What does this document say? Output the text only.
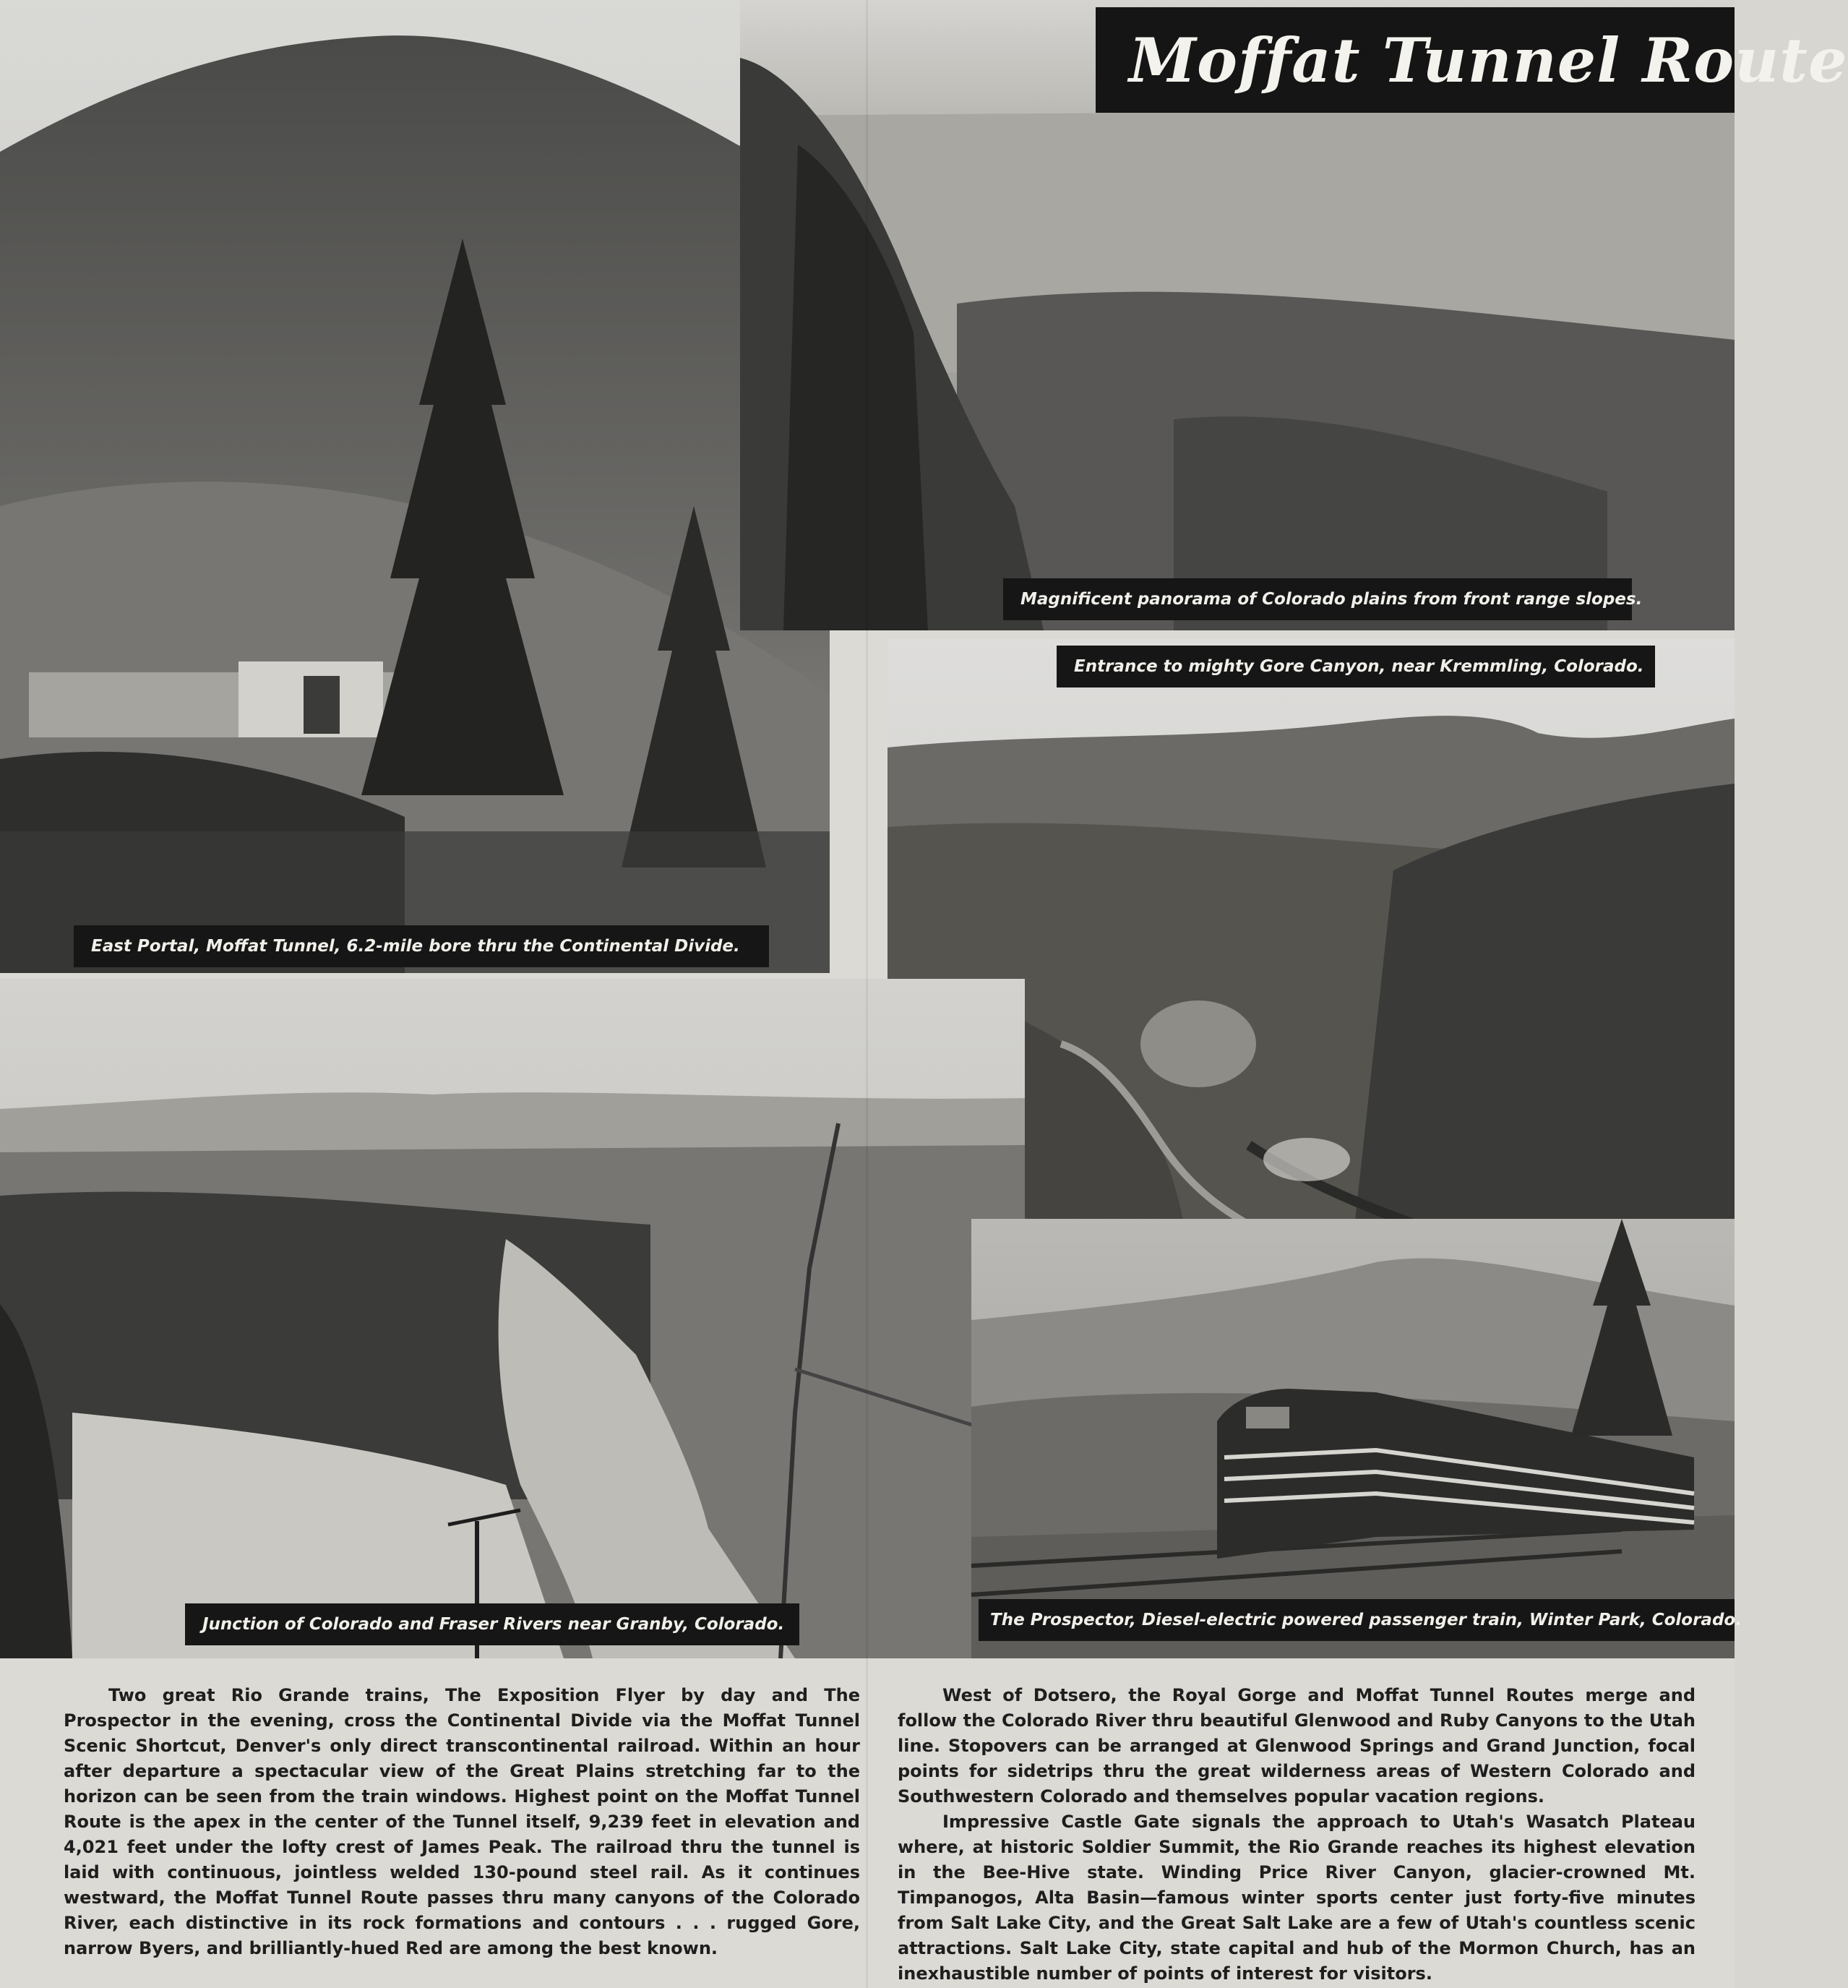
Moffat Tunnel Route
Magnificent panorama of Colorado plains from front range slopes.
Entrance to mighty Gore Canyon, near Kremmling, Colorado.
East Portal, Moffat Tunnel, 6.2-mile bore thru the Continental Divide.
Junction of Colorado and Fraser Rivers near Granby, Colorado.	The Prospector, Diesel-electric powered passenger train, Winter Park, Colorado.

Two great Rio Grande trains, The Exposition Flyer by day and The Prospector in the evening, cross the Continental Divide via the Moffat Tunnel Scenic Shortcut, Denver's only direct transcontinental railroad. Within an hour after departure a spectacular view of the Great Plains stretching far to the horizon can be seen from the train windows. Highest point on the Moffat Tunnel Route is the apex in the center of the Tunnel itself, 9,239 feet in elevation and 4,021 feet under the lofty crest of James Peak. The railroad thru the tunnel is laid with continuous, jointless welded 130-pound steel rail. As it continues westward, the Moffat Tunnel Route passes thru many canyons of the Colorado River, each distinctive in its rock formations and contours . . . rugged Gore, narrow Byers, and brilliantly-hued Red are among the best known.

West of Dotsero, the Royal Gorge and Moffat Tunnel Routes merge and follow the Colorado River thru beautiful Glenwood and Ruby Canyons to the Utah line. Stopovers can be arranged at Glenwood Springs and Grand Junction, focal points for sidetrips thru the great wilderness areas of Western Colorado and Southwestern Colorado and themselves popular vacation regions.

Impressive Castle Gate signals the approach to Utah's Wasatch Plateau where, at historic Soldier Summit, the Rio Grande reaches its highest elevation in the Bee-Hive state. Winding Price River Canyon, glacier-crowned Mt. Timpanogos, Alta Basin—famous winter sports center just forty-five minutes from Salt Lake City, and the Great Salt Lake are a few of Utah's countless scenic attractions. Salt Lake City, state capital and hub of the Mormon Church, has an inexhaustible number of points of interest for visitors.
